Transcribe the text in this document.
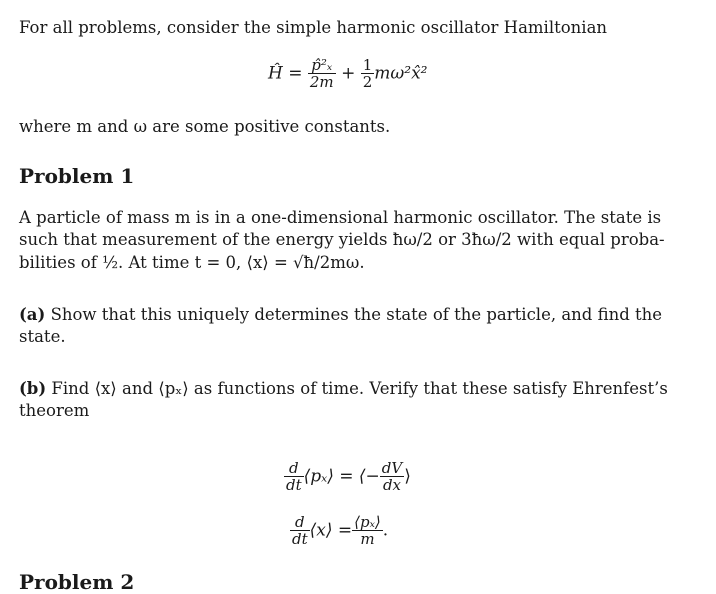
For all problems, consider the simple harmonic oscillator Hamiltonian

Ĥ = $\frac{\text{p̂²ₓ}}{2m} + \frac{1}{2}$ mω²x̂²

where m and ω are some positive constants.

Problem 1

A particle of mass m is in a one-dimensional harmonic oscillator. The state is

such that measurement of the energy yields ħω/2 or 3ħω/2 with equal proba-

bilities of ½. At time t = 0, ⟨x⟩ = √ħ/2mω.

(a) Show that this uniquely determines the state of the particle, and find the

state.

(b) Find ⟨x⟩ and ⟨pₓ⟩ as functions of time. Verify that these satisfy Ehrenfest’s

theorem

$\frac{d}{dt}$ ⟨pₓ⟩ = ⟨− $\frac{dV}{dx}$ ⟩
$\frac{d}{dt}$ ⟨x⟩ = $\frac{\text{⟨pₓ⟩}}{m}$ .

Problem 2
